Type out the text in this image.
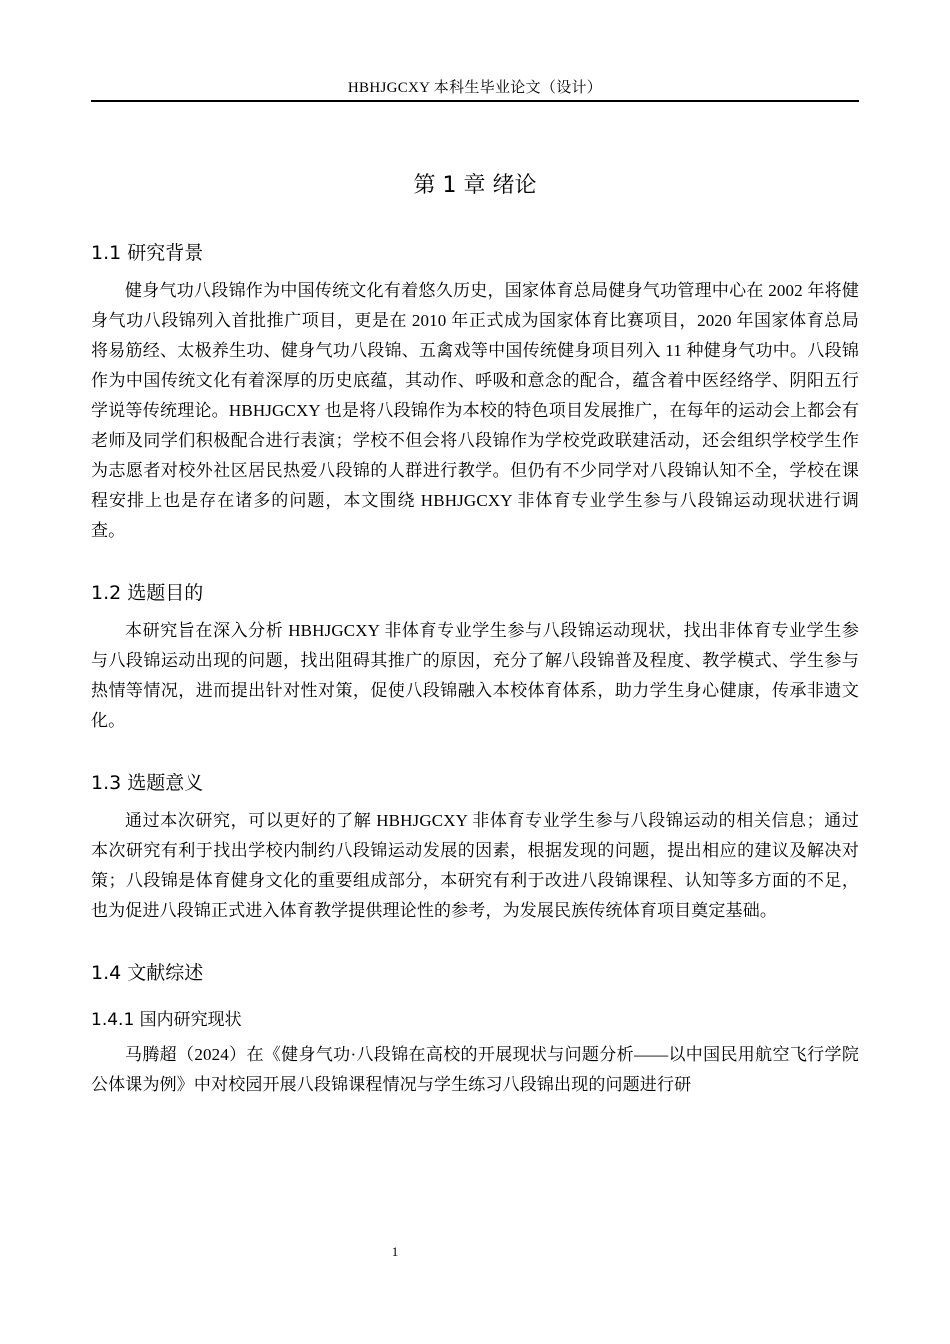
HBHJGCXY 本科生毕业论文（设计）
第 1 章 绪论
1.1 研究背景

健身气功八段锦作为中国传统文化有着悠久历史，国家体育总局健身气功管理中心在 2002 年将健身气功八段锦列入首批推广项目，更是在 2010 年正式成为国家体育比赛项目，2020 年国家体育总局将易筋经、太极养生功、健身气功八段锦、五禽戏等中国传统健身项目列入 11 种健身气功中。八段锦作为中国传统文化有着深厚的历史底蕴，其动作、呼吸和意念的配合，蕴含着中医经络学、阴阳五行学说等传统理论。HBHJGCXY 也是将八段锦作为本校的特色项目发展推广，在每年的运动会上都会有老师及同学们积极配合进行表演；学校不但会将八段锦作为学校党政联建活动，还会组织学校学生作为志愿者对校外社区居民热爱八段锦的人群进行教学。但仍有不少同学对八段锦认知不全，学校在课程安排上也是存在诸多的问题，本文围绕 HBHJGCXY 非体育专业学生参与八段锦运动现状进行调查。

1.2 选题目的

本研究旨在深入分析 HBHJGCXY 非体育专业学生参与八段锦运动现状，找出非体育专业学生参与八段锦运动出现的问题，找出阻碍其推广的原因，充分了解八段锦普及程度、教学模式、学生参与热情等情况，进而提出针对性对策，促使八段锦融入本校体育体系，助力学生身心健康，传承非遗文化。

1.3 选题意义

通过本次研究，可以更好的了解 HBHJGCXY 非体育专业学生参与八段锦运动的相关信息；通过本次研究有利于找出学校内制约八段锦运动发展的因素，根据发现的问题，提出相应的建议及解决对策；八段锦是体育健身文化的重要组成部分，本研究有利于改进八段锦课程、认知等多方面的不足，也为促进八段锦正式进入体育教学提供理论性的参考，为发展民族传统体育项目奠定基础。

1.4 文献综述
1.4.1 国内研究现状

马腾超（2024）在《健身气功·八段锦在高校的开展现状与问题分析——以中国民用航空飞行学院公体课为例》中对校园开展八段锦课程情况与学生练习八段锦出现的问题进行研

1
